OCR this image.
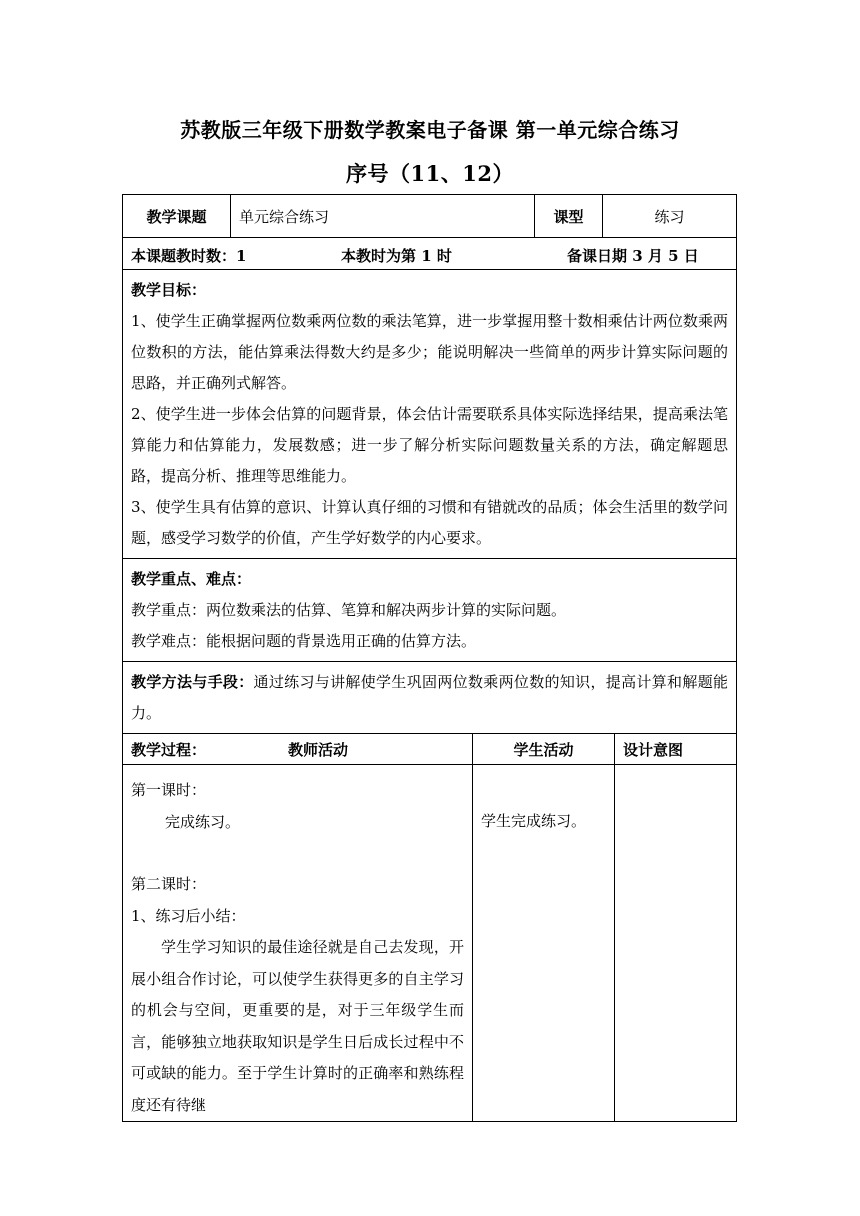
苏教版三年级下册数学教案电子备课 第一单元综合练习
序号（11、12）
教学课题 单元综合练习 课型 练习		

本课题教时数：1 本教时为第 1 时 备课日期 3 月 5 日		

教学目标：

1、使学生正确掌握两位数乘两位数的乘法笔算，进一步掌握用整十数相乘估计两位数乘两位数积的方法，能估算乘法得数大约是多少；能说明解决一些简单的两步计算实际问题的思路，并正确列式解答。

2、使学生进一步体会估算的问题背景，体会估计需要联系具体实际选择结果，提高乘法笔算能力和估算能力，发展数感；进一步了解分析实际问题数量关系的方法，确定解题思路，提高分析、推理等思维能力。

3、使学生具有估算的意识、计算认真仔细的习惯和有错就改的品质；体会生活里的数学问题，感受学习数学的价值，产生学好数学的内心要求。		

教学重点、难点：

教学重点：两位数乘法的估算、笔算和解决两步计算的实际问题。

教学难点：能根据问题的背景选用正确的估算方法。		

教学方法与手段：通过练习与讲解使学生巩固两位数乘两位数的知识，提高计算和解题能力。		

教学过程： 教师活动	学生活动	设计意图

第一课时：

完成练习。

第二课时：

1、练习后小结：

学生学习知识的最佳途径就是自己去发现，开展小组合作讨论，可以使学生获得更多的自主学习的机会与空间，更重要的是，对于三年级学生而言，能够独立地获取知识是学生日后成长过程中不可或缺的能力。至于学生计算时的正确率和熟练程度还有待继	学生完成练习。	
